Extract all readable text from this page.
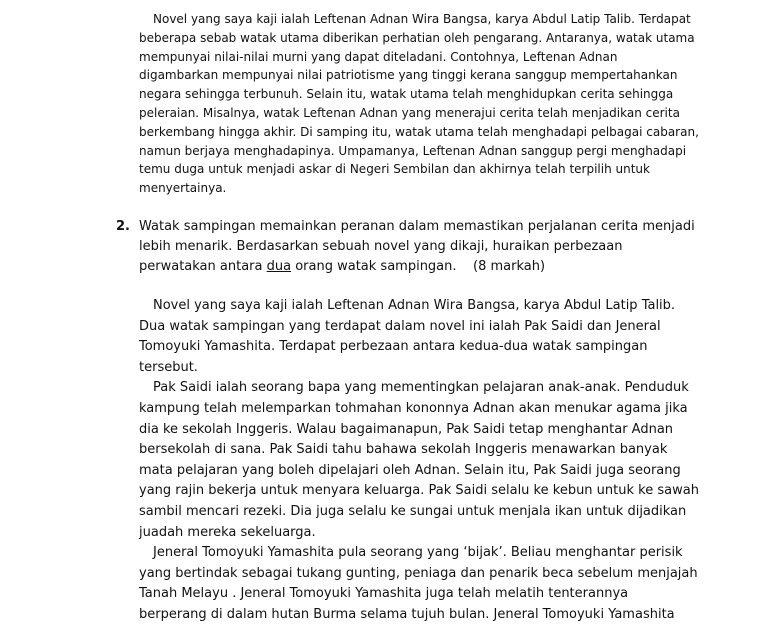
Novel yang saya kaji ialah Leftenan Adnan Wira Bangsa, karya Abdul Latip Talib. Terdapat
beberapa sebab watak utama diberikan perhatian oleh pengarang. Antaranya, watak utama
mempunyai nilai-nilai murni yang dapat diteladani. Contohnya, Leftenan Adnan
digambarkan mempunyai nilai patriotisme yang tinggi kerana sanggup mempertahankan
negara sehingga terbunuh. Selain itu, watak utama telah menghidupkan cerita sehingga
peleraian. Misalnya, watak Leftenan Adnan yang menerajui cerita telah menjadikan cerita
berkembang hingga akhir. Di samping itu, watak utama telah menghadapi pelbagai cabaran,
namun berjaya menghadapinya. Umpamanya, Leftenan Adnan sanggup pergi menghadapi
temu duga untuk menjadi askar di Negeri Sembilan dan akhirnya telah terpilih untuk
menyertainya.
2. Watak sampingan memainkan peranan dalam memastikan perjalanan cerita menjadi
lebih menarik. Berdasarkan sebuah novel yang dikaji, huraikan perbezaan
perwatakan antara dua orang watak sampingan.    (8 markah)
Novel yang saya kaji ialah Leftenan Adnan Wira Bangsa, karya Abdul Latip Talib.
Dua watak sampingan yang terdapat dalam novel ini ialah Pak Saidi dan Jeneral
Tomoyuki Yamashita. Terdapat perbezaan antara kedua-dua watak sampingan
tersebut.
Pak Saidi ialah seorang bapa yang mementingkan pelajaran anak-anak. Penduduk
kampung telah melemparkan tohmahan kononnya Adnan akan menukar agama jika
dia ke sekolah Inggeris. Walau bagaimanapun, Pak Saidi tetap menghantar Adnan
bersekolah di sana. Pak Saidi tahu bahawa sekolah Inggeris menawarkan banyak
mata pelajaran yang boleh dipelajari oleh Adnan. Selain itu, Pak Saidi juga seorang
yang rajin bekerja untuk menyara keluarga. Pak Saidi selalu ke kebun untuk ke sawah
sambil mencari rezeki. Dia juga selalu ke sungai untuk menjala ikan untuk dijadikan
juadah mereka sekeluarga.
Jeneral Tomoyuki Yamashita pula seorang yang ‘bijak’. Beliau menghantar perisik
yang bertindak sebagai tukang gunting, peniaga dan penarik beca sebelum menjajah
Tanah Melayu . Jeneral Tomoyuki Yamashita juga telah melatih tenterannya
berperang di dalam hutan Burma selama tujuh bulan. Jeneral Tomoyuki Yamashita
